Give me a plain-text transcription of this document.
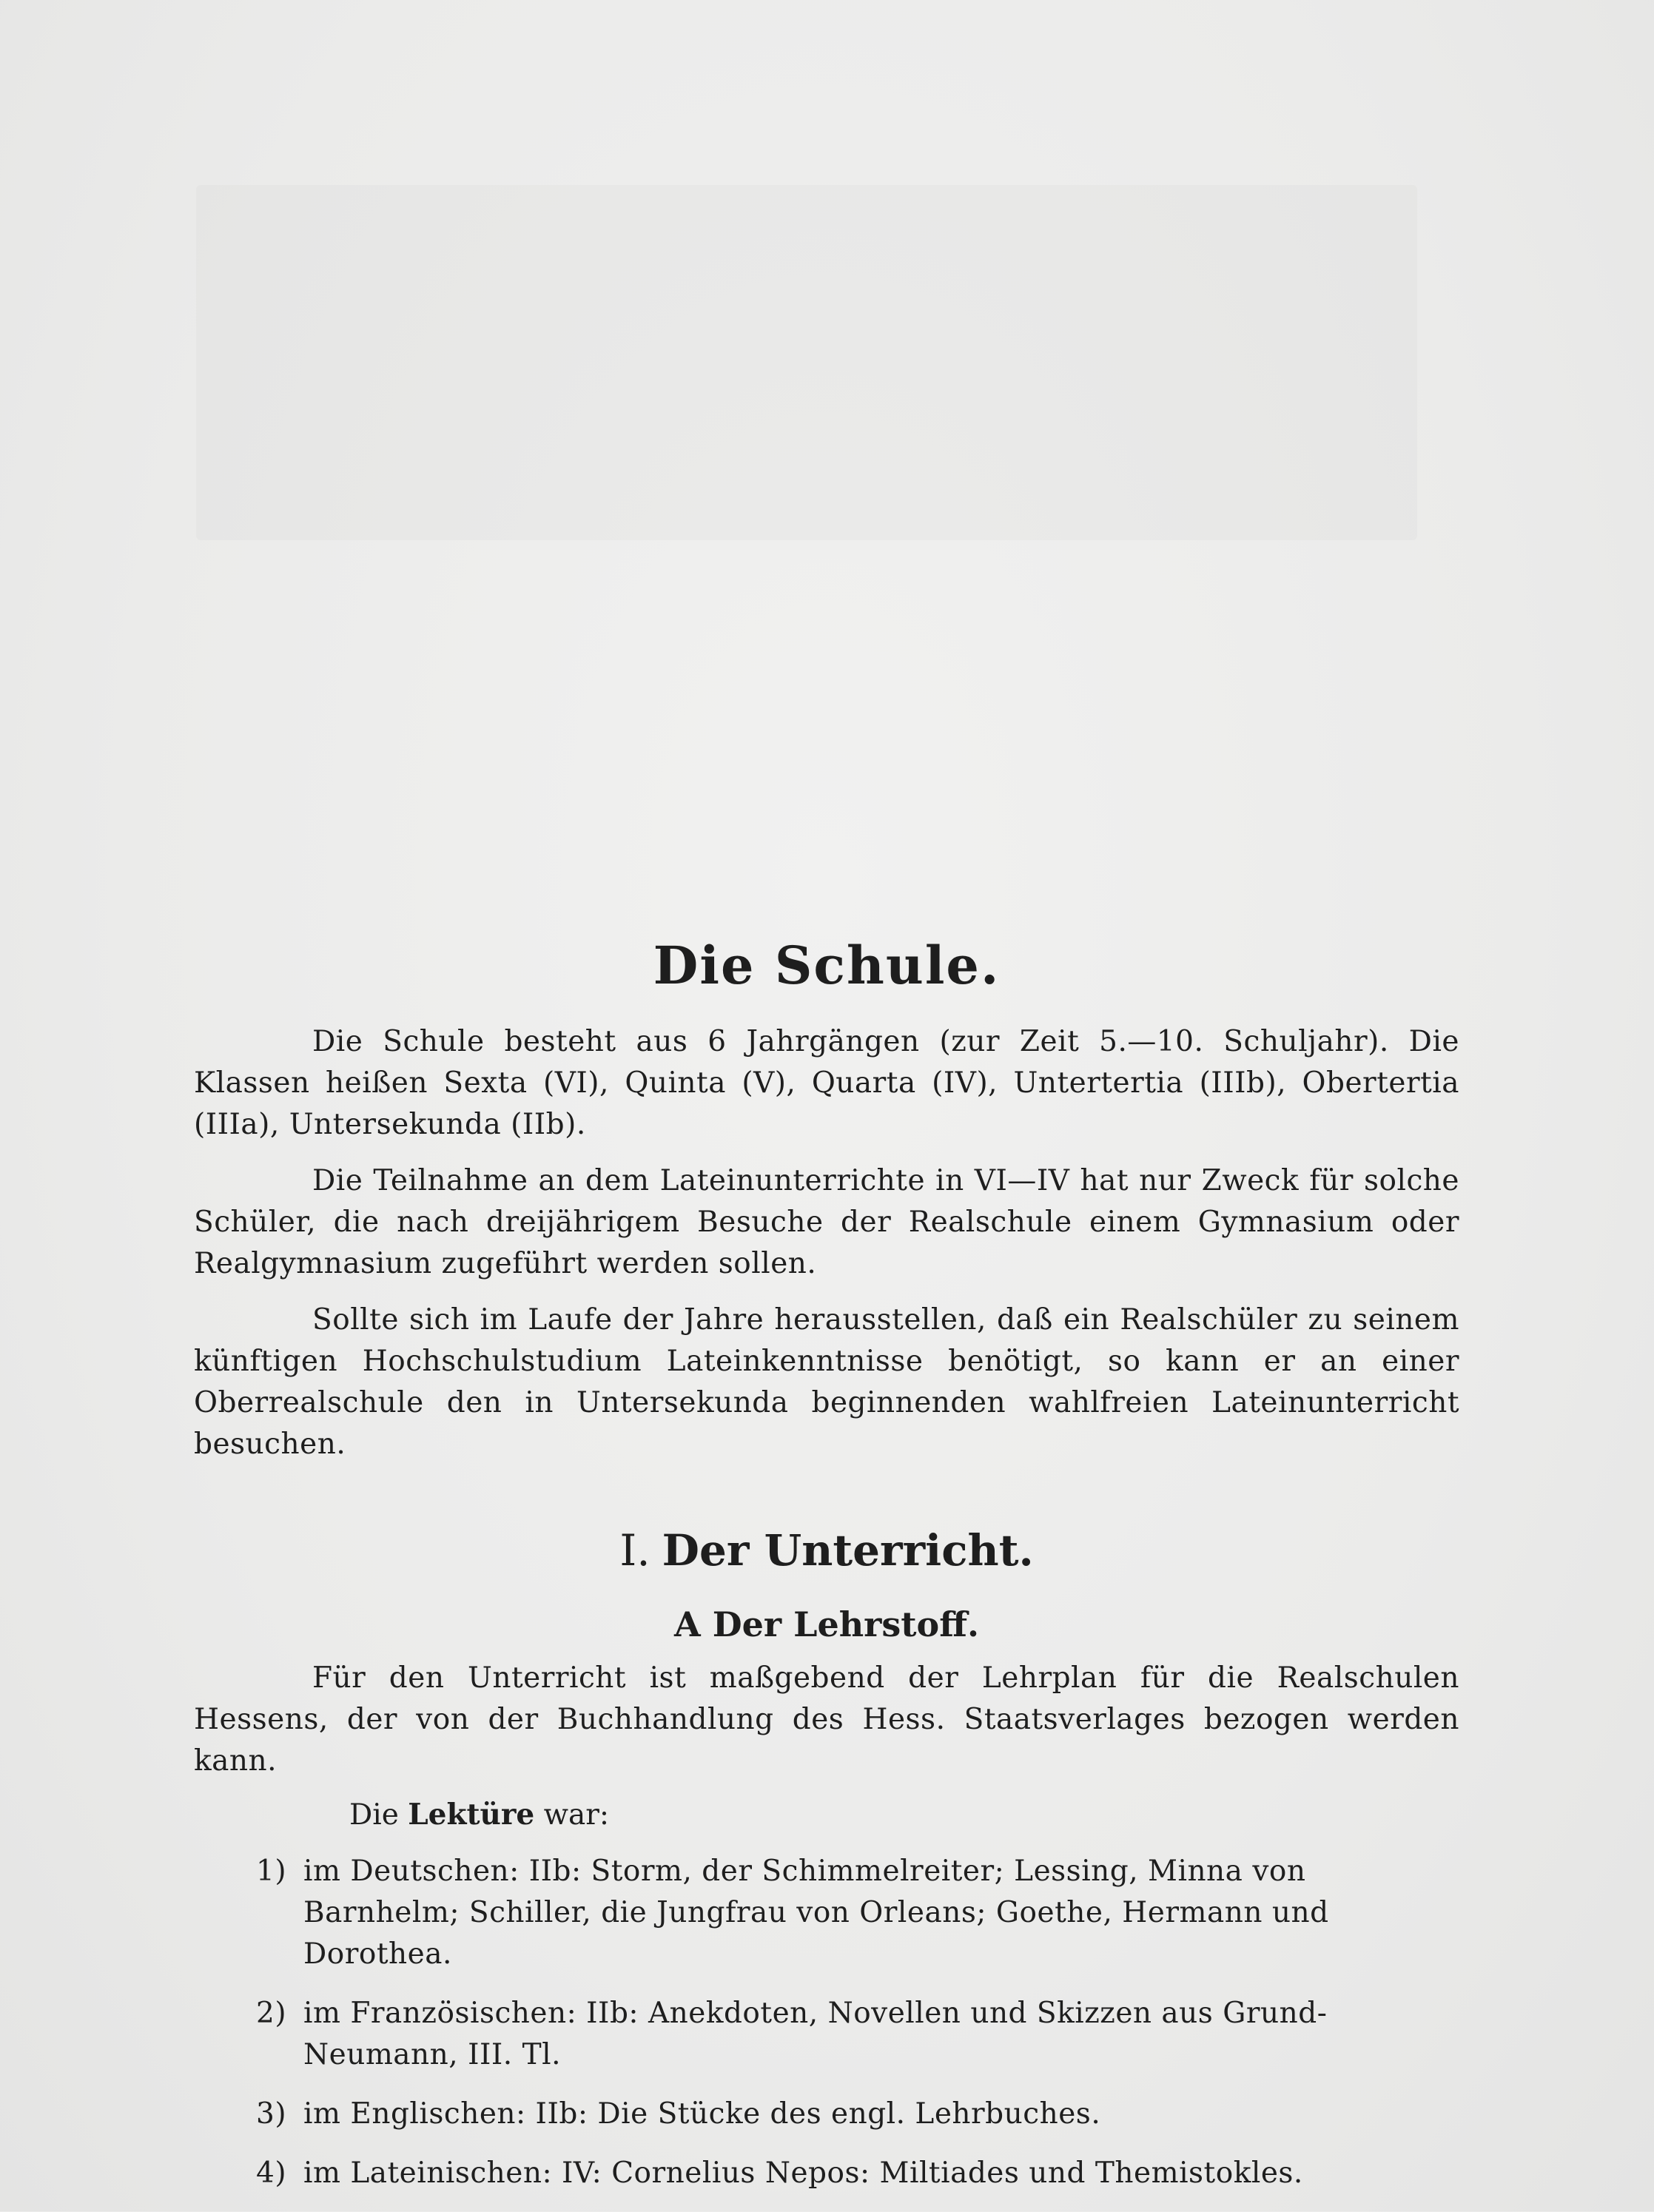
Die Schule.

Die Schule besteht aus 6 Jahrgängen (zur Zeit 5.—10. Schuljahr). Die Klassen heißen Sexta (VI), Quinta (V), Quarta (IV), Untertertia (IIIb), Obertertia (IIIa), Untersekunda (IIb).

Die Teilnahme an dem Lateinunterrichte in VI—IV hat nur Zweck für solche Schüler, die nach dreijährigem Besuche der Realschule einem Gymnasium oder Realgymnasium zugeführt werden sollen.

Sollte sich im Laufe der Jahre herausstellen, daß ein Realschüler zu seinem künftigen Hochschulstudium Lateinkenntnisse benötigt, so kann er an einer Oberrealschule den in Untersekunda beginnenden wahlfreien Lateinunterricht besuchen.

I. Der Unterricht.
A Der Lehrstoff.

Für den Unterricht ist maßgebend der Lehrplan für die Realschulen Hessens, der von der Buchhandlung des Hess. Staatsverlages bezogen werden kann.

Die Lektüre war:
1) im Deutschen: IIb: Storm, der Schimmelreiter; Lessing, Minna von Barnhelm; Schiller, die Jungfrau von Orleans; Goethe, Hermann und Dorothea.
2) im Französischen: IIb: Anekdoten, Novellen und Skizzen aus Grund-Neumann, III. Tl.
3) im Englischen: IIb: Die Stücke des engl. Lehrbuches.
4) im Lateinischen: IV: Cornelius Nepos: Miltiades und Themistokles.
